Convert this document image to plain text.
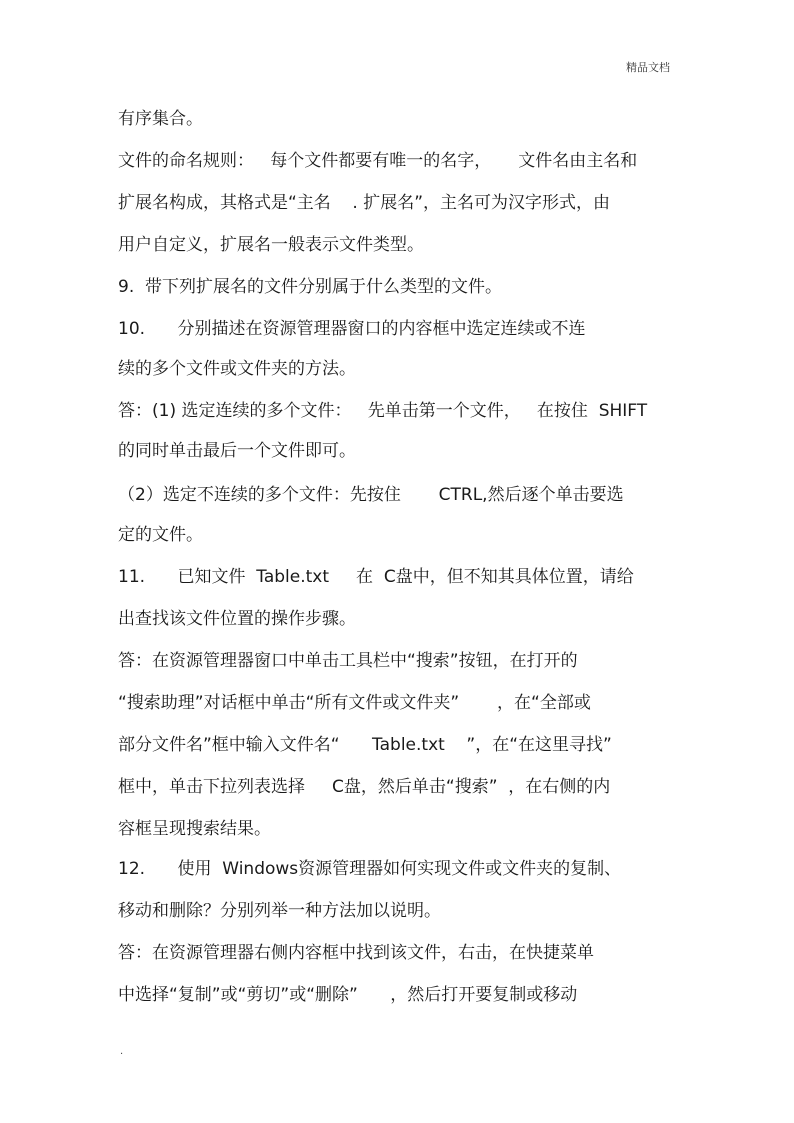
精品文档
有序集合。
文件的命名规则：   每个文件都要有唯一的名字，     文件名由主名和
扩展名构成，其格式是“主名    . 扩展名”，主名可为汉字形式，由
用户自定义，扩展名一般表示文件类型。
9.  带下列扩展名的文件分别属于什么类型的文件。
10.      分别描述在资源管理器窗口的内容框中选定连续或不连
续的多个文件或文件夹的方法。
答：(1) 选定连续的多个文件：   先单击第一个文件，   在按住  SHIFT
的同时单击最后一个文件即可。
（2）选定不连续的多个文件：先按住       CTRL,然后逐个单击要选
定的文件。
11.      已知文件  Table.txt     在  C盘中，但不知其具体位置，请给
出查找该文件位置的操作步骤。
答：在资源管理器窗口中单击工具栏中“搜索”按钮，在打开的
“搜索助理”对话框中单击“所有文件或文件夹”       ，在“全部或
部分文件名”框中输入文件名“      Table.txt    ”，在“在这里寻找”
框中，单击下拉列表选择     C盘，然后单击“搜索”  ，在右侧的内
容框呈现搜索结果。
12.      使用  Windows资源管理器如何实现文件或文件夹的复制、
移动和删除？分别列举一种方法加以说明。
答：在资源管理器右侧内容框中找到该文件，右击，在快捷菜单
中选择“复制”或“剪切”或“删除”      ，然后打开要复制或移动
.
